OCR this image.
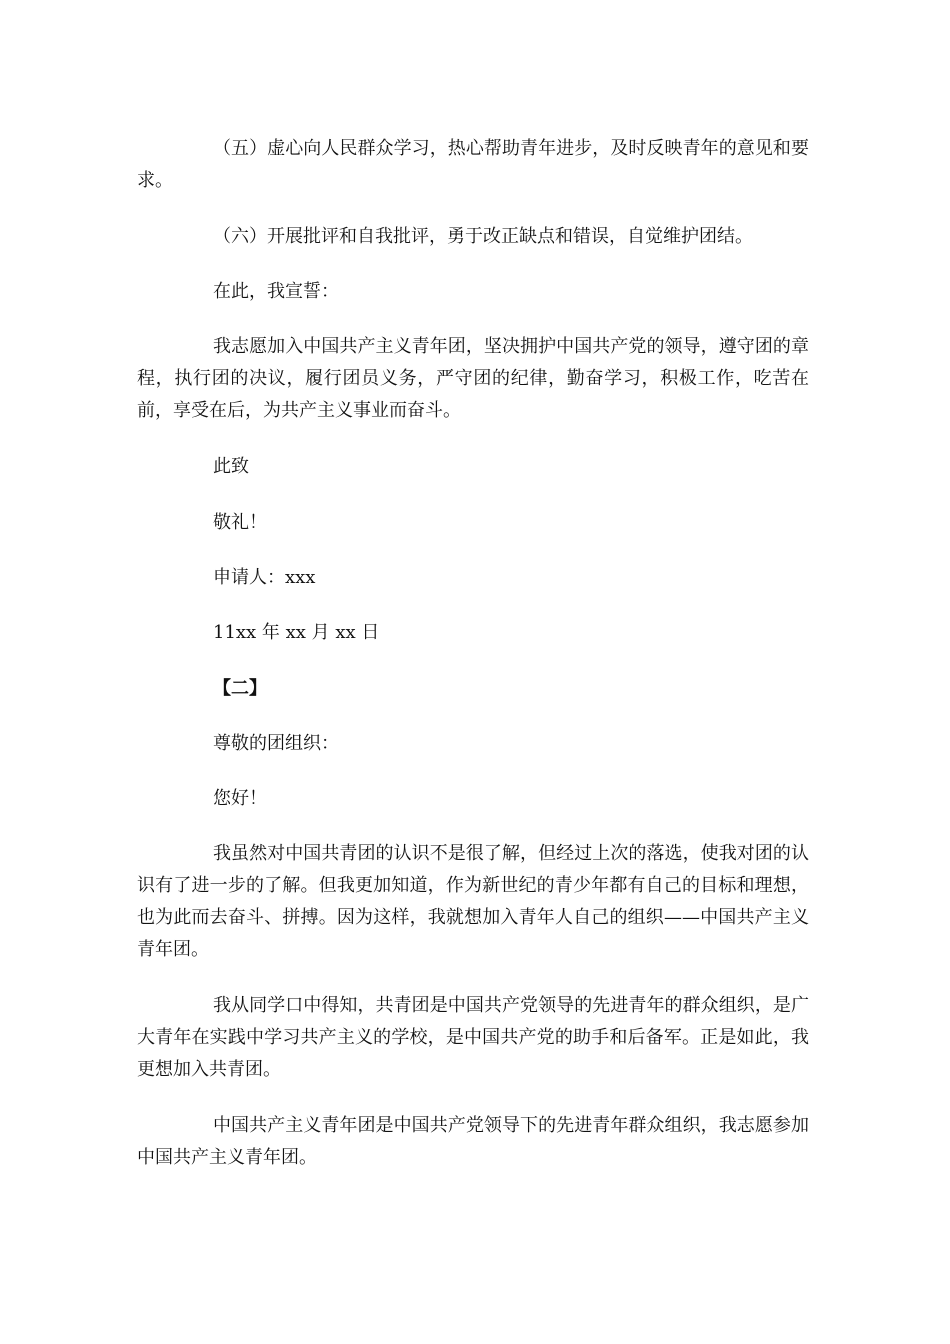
（五）虚心向人民群众学习，热心帮助青年进步，及时反映青年的意见和要求。

（六）开展批评和自我批评，勇于改正缺点和错误，自觉维护团结。

在此，我宣誓：

我志愿加入中国共产主义青年团，坚决拥护中国共产党的领导，遵守团的章程，执行团的决议，履行团员义务，严守团的纪律，勤奋学习，积极工作，吃苦在前，享受在后，为共产主义事业而奋斗。

此致

敬礼！

申请人：xxx

11xx 年 xx 月 xx 日

【二】

尊敬的团组织：

您好！

我虽然对中国共青团的认识不是很了解，但经过上次的落选，使我对团的认识有了进一步的了解。但我更加知道，作为新世纪的青少年都有自己的目标和理想，也为此而去奋斗、拼搏。因为这样，我就想加入青年人自己的组织——中国共产主义青年团。

我从同学口中得知，共青团是中国共产党领导的先进青年的群众组织，是广大青年在实践中学习共产主义的学校，是中国共产党的助手和后备军。正是如此，我更想加入共青团。

中国共产主义青年团是中国共产党领导下的先进青年群众组织，我志愿参加中国共产主义青年团。
